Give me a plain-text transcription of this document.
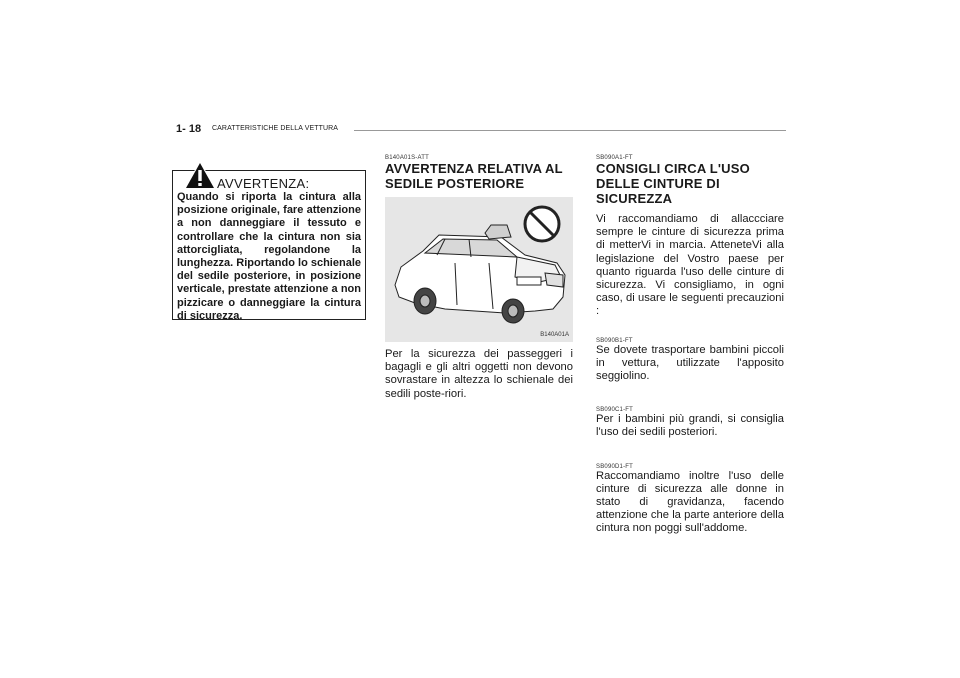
1- 18 CARATTERISTICHE DELLA VETTURA
Quando si riporta la cintura alla posizione originale, fare attenzione a non danneggiare il tessuto e controllare che la cintura non sia attorcigliata, regolandone la lunghezza. Riportando lo schienale del sedile posteriore, in posizione verticale, prestate attenzione a non pizzicare o danneggiare la cintura di sicurezza.
AVVERTENZA:
B140A01S-ATT
AVVERTENZA RELATIVA AL SEDILE POSTERIORE
B140A01A
Per la sicurezza dei passeggeri i bagagli e gli altri oggetti non devono sovrastare in altezza lo schienale dei sedili poste-riori.
SB090A1-FT
CONSIGLI CIRCA L'USO DELLE CINTURE DI SICUREZZA
Vi raccomandiamo di allaccciare sempre le cinture di sicurezza prima di metterVi in marcia. AtteneteVi alla legislazione del Vostro paese per quanto riguarda l'uso delle cinture di sicurezza. Vi consigliamo, in ogni caso, di usare le seguenti precauzioni :
SB090B1-FT
Se dovete trasportare bambini piccoli in vettura, utilizzate l'apposito seggiolino.
SB090C1-FT
Per i bambini più grandi, si consiglia l'uso dei sedili posteriori.
SB090D1-FT
Raccomandiamo inoltre l'uso delle cinture di sicurezza alle donne in stato di gravidanza, facendo attenzione che la parte anteriore della cintura non poggi sull'addome.
